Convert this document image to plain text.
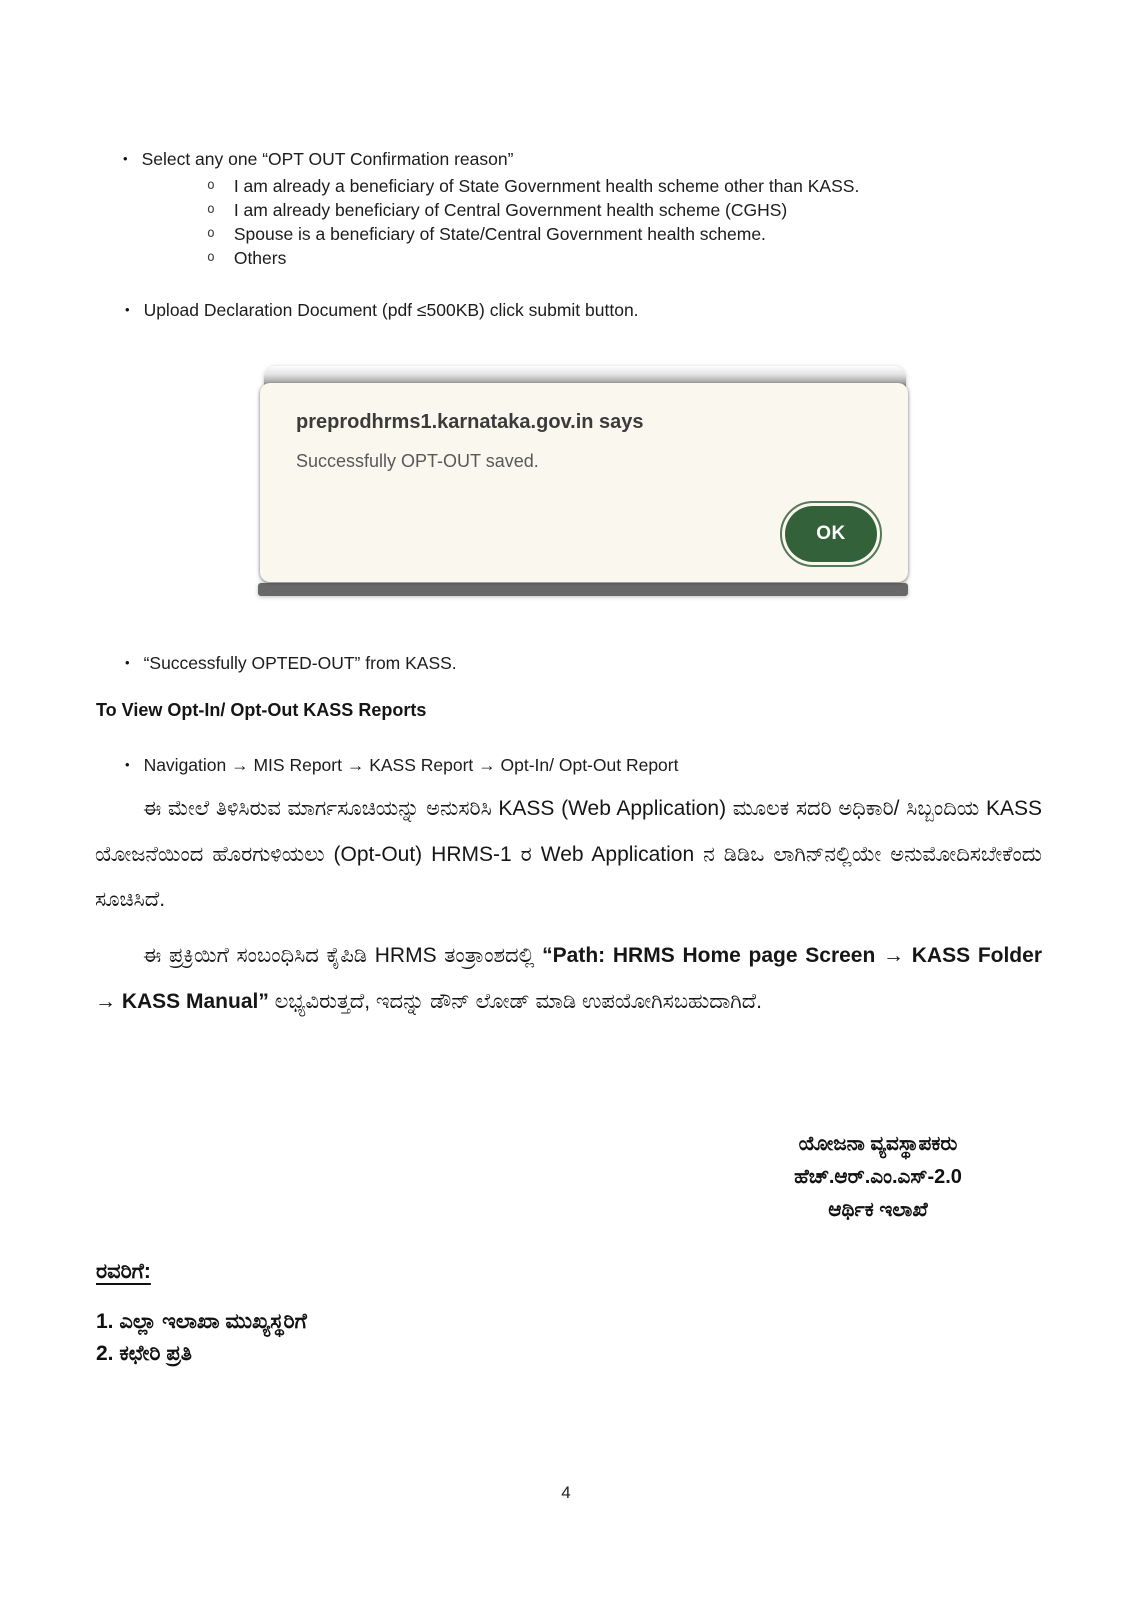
• Select any one “OPT OUT Confirmation reason”
o I am already a beneficiary of State Government health scheme other than KASS.
o I am already beneficiary of Central Government health scheme (CGHS)
o Spouse is a beneficiary of State/Central Government health scheme.
o Others
• Upload Declaration Document (pdf ≤500KB) click submit button.
preprodhrms1.karnataka.gov.in says
Successfully OPT-OUT saved.
OK
• “Successfully OPTED-OUT” from KASS.
To View Opt-In/ Opt-Out KASS Reports
• Navigation → MIS Report → KASS Report → Opt-In/ Opt-Out Report
ಈ ಮೇಲೆ ತಿಳಿಸಿರುವ ಮಾರ್ಗಸೂಚಿಯನ್ನು ಅನುಸರಿಸಿ KASS (Web Application) ಮೂಲಕ ಸದರಿ ಅಧಿಕಾರಿ/ ಸಿಬ್ಬಂದಿಯ KASS ಯೋಜನೆಯಿಂದ ಹೊರಗುಳಿಯಲು (Opt-Out) HRMS-1 ರ Web Application ನ ಡಿಡಿಒ ಲಾಗಿನ್‌ನಲ್ಲಿಯೇ ಅನುಮೋದಿಸಬೇಕೆಂದು ಸೂಚಿಸಿದೆ.
ಈ ಪ್ರಕ್ರಿಯಿಗೆ ಸಂಬಂಧಿಸಿದ ಕೈಪಿಡಿ HRMS ತಂತ್ರಾಂಶದಲ್ಲಿ “Path: HRMS Home page Screen → KASS Folder → KASS Manual” ಲಭ್ಯವಿರುತ್ತದೆ, ಇದನ್ನು ಡೌನ್ ಲೋಡ್ ಮಾಡಿ ಉಪಯೋಗಿಸಬಹುದಾಗಿದೆ.
ಯೋಜನಾ ವ್ಯವಸ್ಥಾಪಕರು
ಹೆಚ್.ಆರ್.ಎಂ.ಎಸ್-2.0
ಆರ್ಥಿಕ ಇಲಾಖೆ
ರವರಿಗೆ:
1. ಎಲ್ಲಾ ಇಲಾಖಾ ಮುಖ್ಯಸ್ಥರಿಗೆ
2. ಕಛೇರಿ ಪ್ರತಿ
4
